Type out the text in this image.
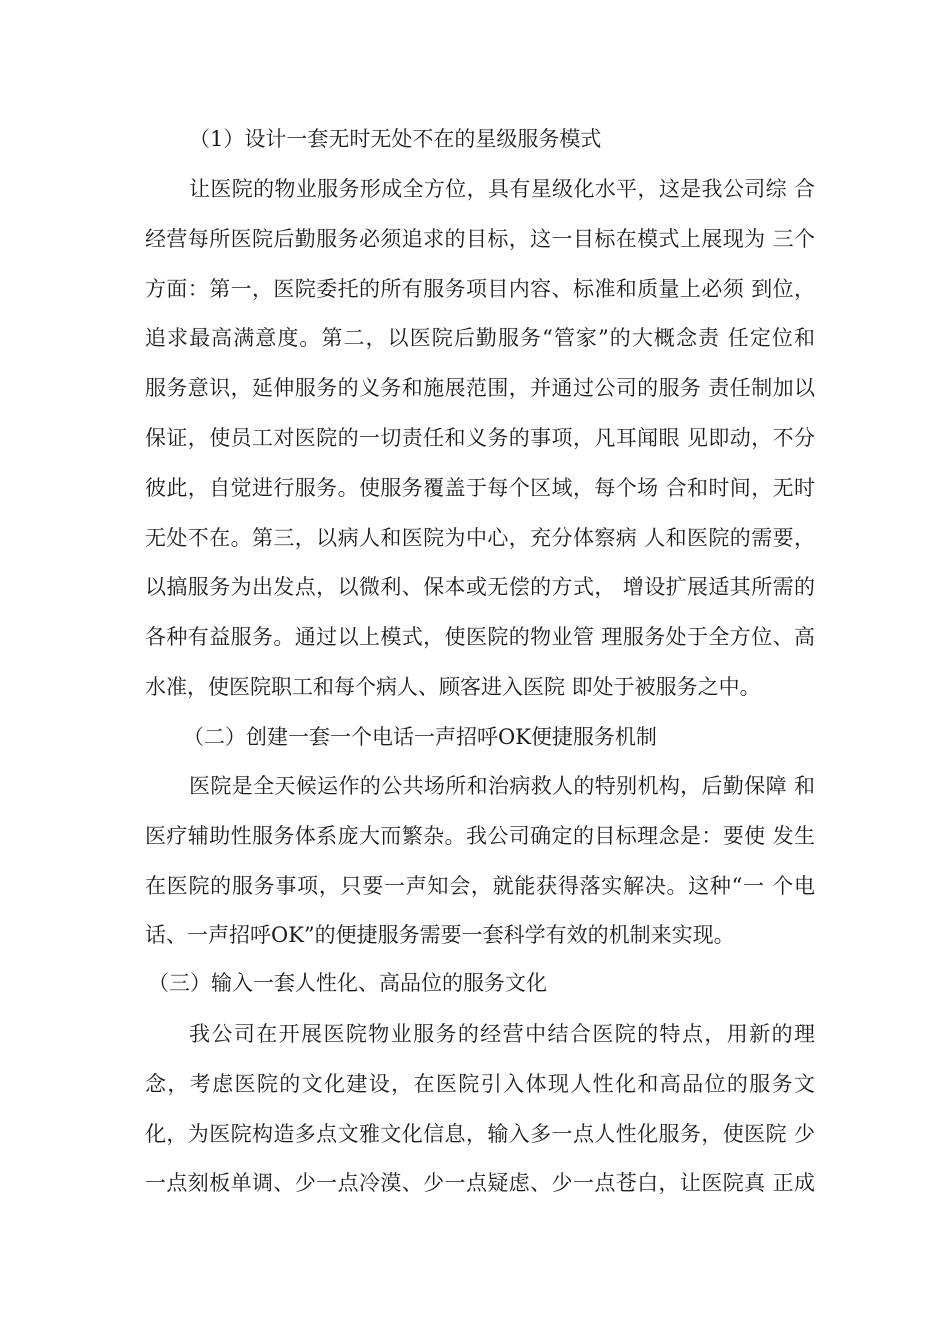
（1）设计一套无时无处不在的星级服务模式
让医院的物业服务形成全方位，具有星级化水平，这是我公司综 合
经营每所医院后勤服务必须追求的目标，这一目标在模式上展现为 三个
方面：第一，医院委托的所有服务项目内容、标准和质量上必须 到位，
追求最高满意度。第二，以医院后勤服务“管家”的大概念责 任定位和
服务意识，延伸服务的义务和施展范围，并通过公司的服务 责任制加以
保证，使员工对医院的一切责任和义务的事项，凡耳闻眼 见即动，不分
彼此，自觉进行服务。使服务覆盖于每个区域，每个场 合和时间，无时
无处不在。第三，以病人和医院为中心，充分体察病 人和医院的需要，
以搞服务为出发点，以微利、保本或无偿的方式， 增设扩展适其所需的
各种有益服务。通过以上模式，使医院的物业管 理服务处于全方位、高
水准，使医院职工和每个病人、顾客进入医院 即处于被服务之中。
（二）创建一套一个电话一声招呼OK便捷服务机制
医院是全天候运作的公共场所和治病救人的特别机构，后勤保障 和
医疗辅助性服务体系庞大而繁杂。我公司确定的目标理念是：要使 发生
在医院的服务事项，只要一声知会，就能获得落实解决。这种“一 个电
话、一声招呼OK”的便捷服务需要一套科学有效的机制来实现。
（三）输入一套人性化、高品位的服务文化
我公司在开展医院物业服务的经营中结合医院的特点，用新的理
念，考虑医院的文化建设，在医院引入体现人性化和高品位的服务文
化，为医院构造多点文雅文化信息，输入多一点人性化服务，使医院 少
一点刻板单调、少一点冷漠、少一点疑虑、少一点苍白，让医院真 正成
